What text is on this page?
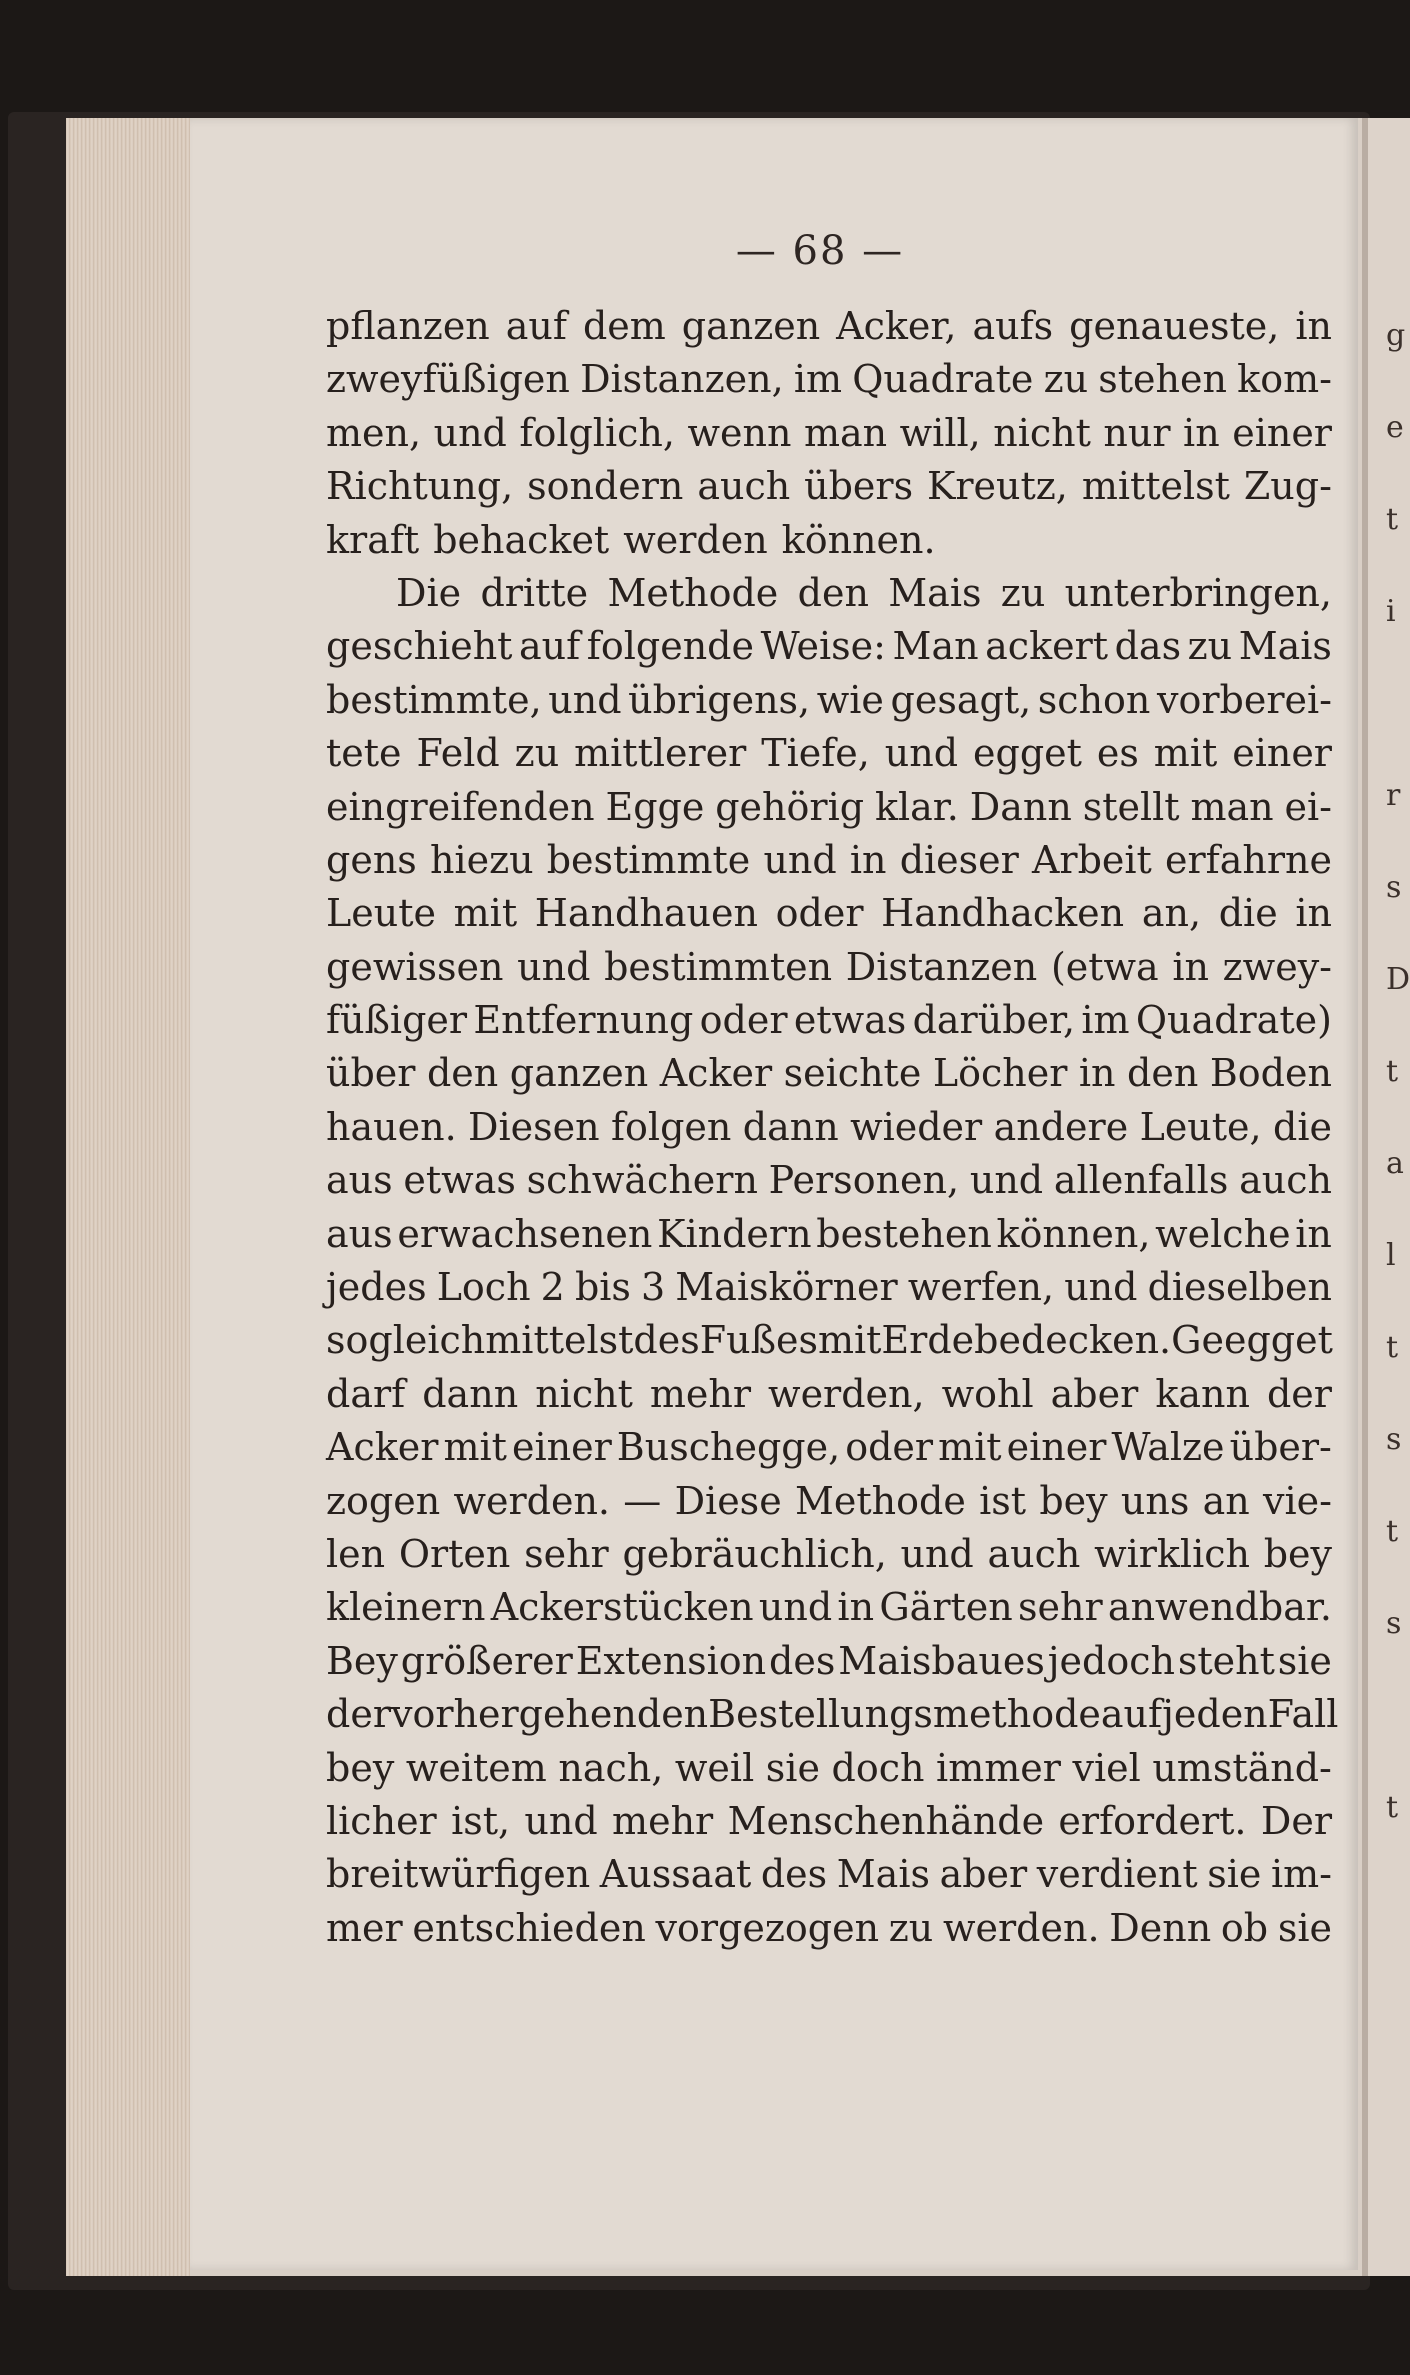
g
e
t
i
r
s
D
t
a
l
t
s
t
s
t
— 68 —
pflanzen auf dem ganzen Acker, aufs genaueste, in
zweyfüßigen Distanzen, im Quadrate zu stehen kom-
men, und folglich, wenn man will, nicht nur in einer
Richtung, sondern auch übers Kreutz, mittelst Zug-
kraft behacket werden können.
Die dritte Methode den Mais zu unterbringen,
geschieht auf folgende Weise: Man ackert das zu Mais
bestimmte, und übrigens, wie gesagt, schon vorberei-
tete Feld zu mittlerer Tiefe, und egget es mit einer
eingreifenden Egge gehörig klar. Dann stellt man ei-
gens hiezu bestimmte und in dieser Arbeit erfahrne
Leute mit Handhauen oder Handhacken an, die in
gewissen und bestimmten Distanzen (etwa in zwey-
füßiger Entfernung oder etwas darüber, im Quadrate)
über den ganzen Acker seichte Löcher in den Boden
hauen. Diesen folgen dann wieder andere Leute, die
aus etwas schwächern Personen, und allenfalls auch
aus erwachsenen Kindern bestehen können, welche in
jedes Loch 2 bis 3 Maiskörner werfen, und dieselben
sogleich mittelst des Fußes mit Erde bedecken. Geegget
darf dann nicht mehr werden, wohl aber kann der
Acker mit einer Buschegge, oder mit einer Walze über-
zogen werden. — Diese Methode ist bey uns an vie-
len Orten sehr gebräuchlich, und auch wirklich bey
kleinern Ackerstücken und in Gärten sehr anwendbar.
Bey größerer Extension des Maisbaues jedoch steht sie
der vorhergehenden Bestellungsmethode auf jeden Fall
bey weitem nach, weil sie doch immer viel umständ-
licher ist, und mehr Menschenhände erfordert. Der
breitwürfigen Aussaat des Mais aber verdient sie im-
mer entschieden vorgezogen zu werden. Denn ob sie
